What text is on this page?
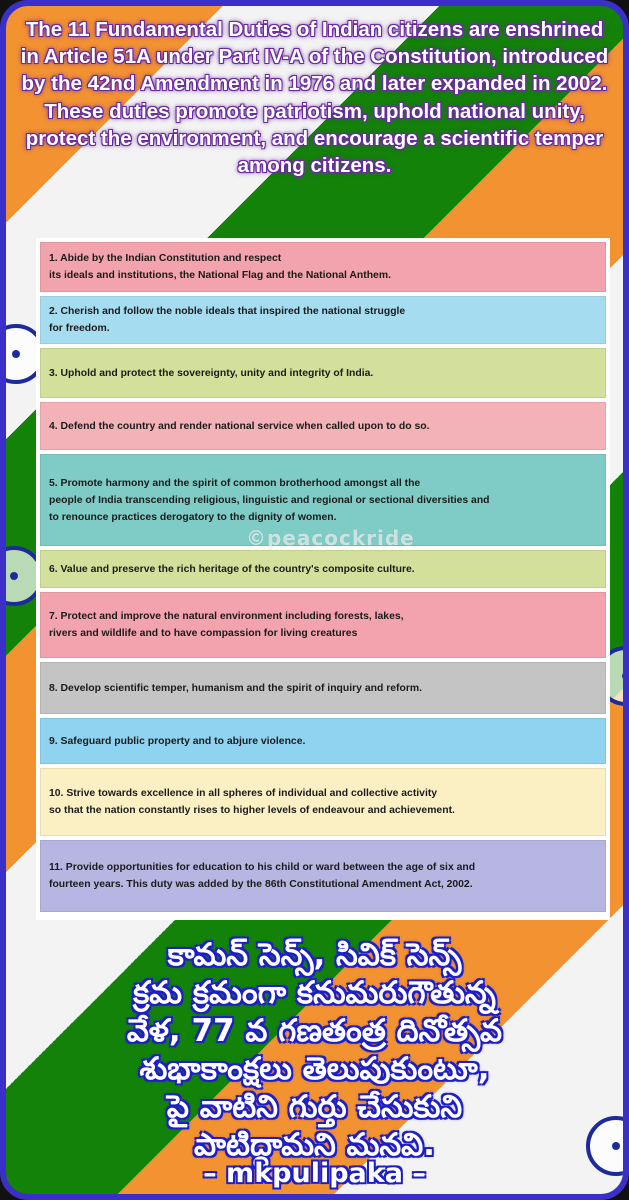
The 11 Fundamental Duties of Indian citizens are enshrined in Article 51A under Part IV-A of the Constitution, introduced by the 42nd Amendment in 1976 and later expanded in 2002. These duties promote patriotism, uphold national unity, protect the environment, and encourage a scientific temper among citizens.
1. Abide by the Indian Constitution and respect
its ideals and institutions, the National Flag and the National Anthem.
2. Cherish and follow the noble ideals that inspired the national struggle
for freedom.
3. Uphold and protect the sovereignty, unity and integrity of India.
4. Defend the country and render national service when called upon to do so.
5. Promote harmony and the spirit of common brotherhood amongst all the
people of India transcending religious, linguistic and regional or sectional diversities and
to renounce practices derogatory to the dignity of women.
6. Value and preserve the rich heritage of the country's composite culture.
7. Protect and improve the natural environment including forests, lakes,
rivers and wildlife and to have compassion for living creatures
8. Develop scientific temper, humanism and the spirit of inquiry and reform.
9. Safeguard public property and to abjure violence.
10. Strive towards excellence in all spheres of individual and collective activity
so that the nation constantly rises to higher levels of endeavour and achievement.
11. Provide opportunities for education to his child or ward between the age of six and
fourteen years. This duty was added by the 86th Constitutional Amendment Act, 2002.
©peacockride
కామన్ సెన్స్, సివిక్ సెన్స్
క్రమ క్రమంగా కనుమరుగౌతున్న
వేళ, 77 వ గణతంత్ర దినోత్సవ
శుభాకాంక్షలు తెలుపుకుంటూ,
పై వాటిని గుర్తు చేసుకుని
పాటిద్దామని మనవి.
– mkpulipaka –
